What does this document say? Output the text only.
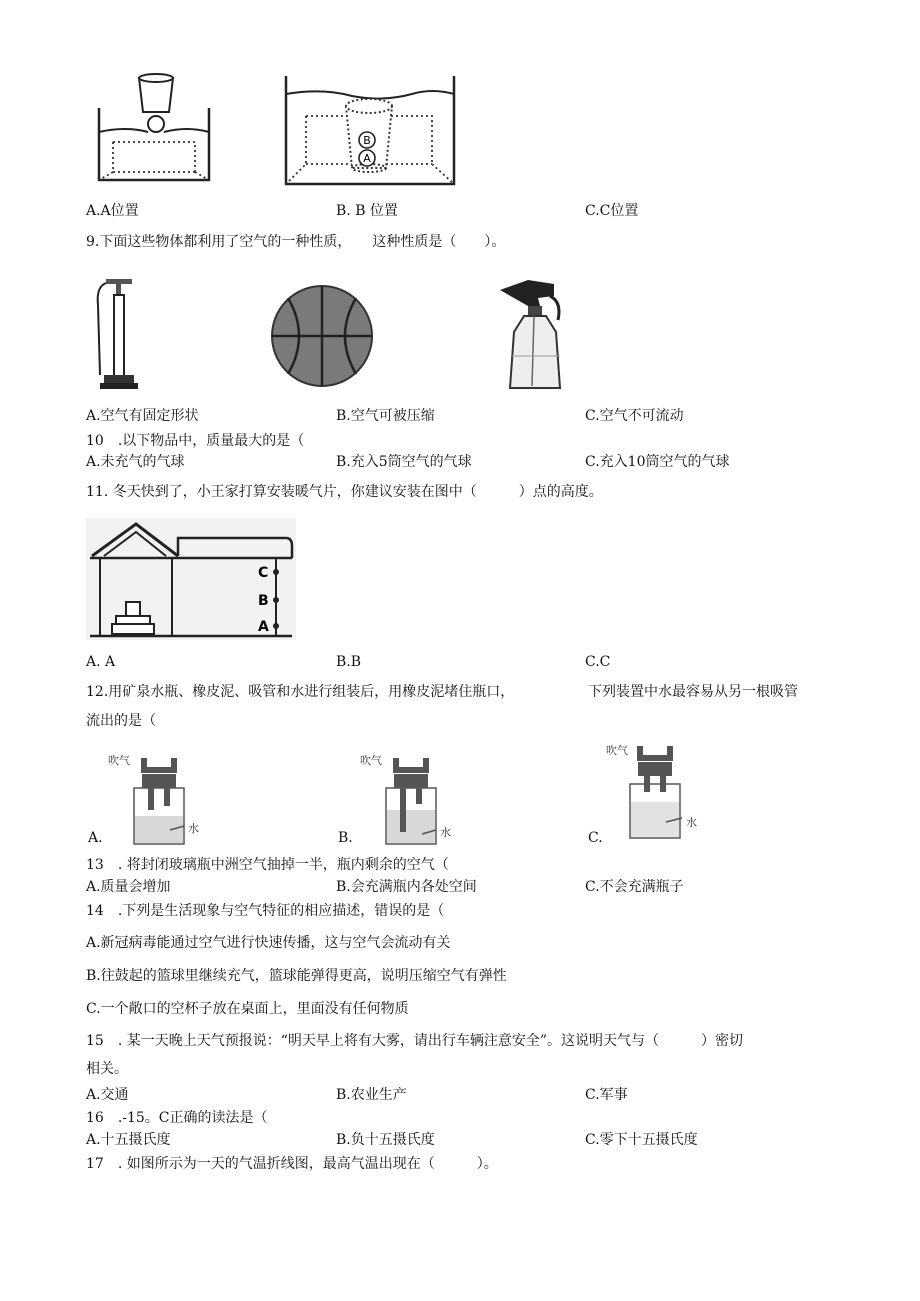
B
A
A.A位置	B. B 位置	C.C位置
9.下面这些物体都利用了空气的一种性质，　　这种性质是（　　）。
A.空气有固定形状	B.空气可被压缩	C.空气不可流动
10　.以下物品中，质量最大的是（
A.未充气的气球	B.充入5筒空气的气球	C.充入10筒空气的气球
11. 冬天快到了，小王家打算安装暖气片，你建议安装在图中（　　　）点的高度。
C
B
A
A. A	B.B	C.C
12.用矿泉水瓶、橡皮泥、吸管和水进行组装后，用橡皮泥堵住瓶口，	下列装置中水最容易从另一根吸管
流出的是（
吹气
水
A.
吹气
水
B.
吹气
水
C.
13　. 将封闭玻璃瓶中洲空气抽掉一半，瓶内剩余的空气（
A.质量会增加	B.会充满瓶内各处空间	C.不会充满瓶子
14　.下列是生活现象与空气特征的相应描述，错误的是（
A.新冠病毒能通过空气进行快速传播，这与空气会流动有关
B.往鼓起的篮球里继续充气，篮球能弹得更高，说明压缩空气有弹性
C.一个敞口的空杯子放在桌面上，里面没有任何物质
15　. 某一天晚上天气预报说：“明天早上将有大雾，请出行车辆注意安全”。这说明天气与（　　　）密切
相关。
A.交通	B.农业生产	C.军事
16　.-15。C正确的读法是（
A.十五摄氏度	B.负十五摄氏度	C.零下十五摄氏度
17　. 如图所示为一天的气温折线图，最高气温出现在（　　　）。
